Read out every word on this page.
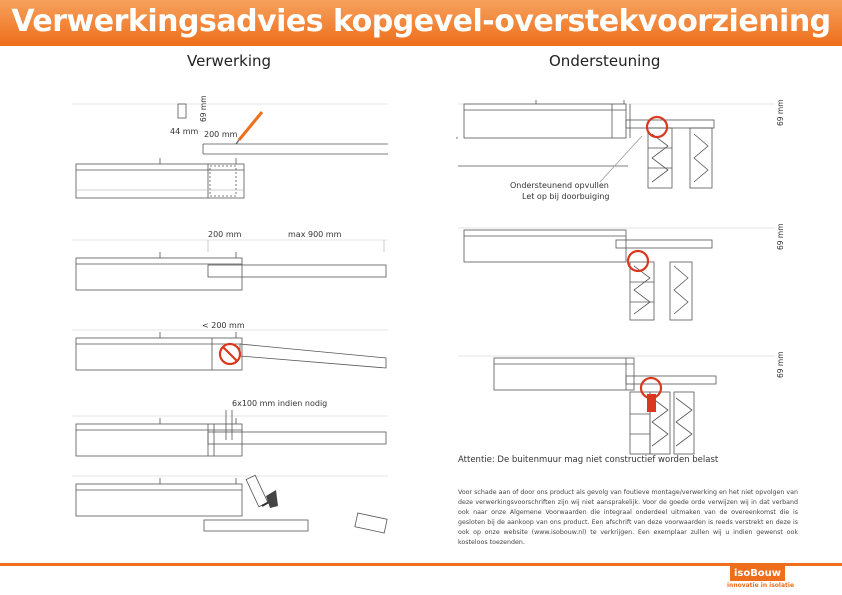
Verwerkingsadvies kopgevel-overstekvoorziening
Verwerking	Ondersteuning
69 mm
44 mm 200 mm
200 mm	max 900 mm
< 200 mm
6x100 mm indien nodig
69 mm
69 mm
69 mm
Ondersteunend opvullen
Let op bij doorbuiging
Attentie: De buitenmuur mag niet constructief worden belast
Voor schade aan of door ons product als gevolg van foutieve montage/verwerking en het niet opvolgen van deze verwerkingsvoorschriften zijn wij niet aansprakelijk. Voor de goede orde verwijzen wij in dat verband ook naar onze Algemene Voorwaarden die integraal onderdeel uitmaken van de overeenkomst die is gesloten bij de aankoop van ons product. Een afschrift van deze voorwaarden is reeds verstrekt en deze is ook op onze website (www.isobouw.nl) te verkrijgen. Een exemplaar zullen wij u indien gewenst ook kosteloos toezenden.
isoBouw
innovatie in isolatie
